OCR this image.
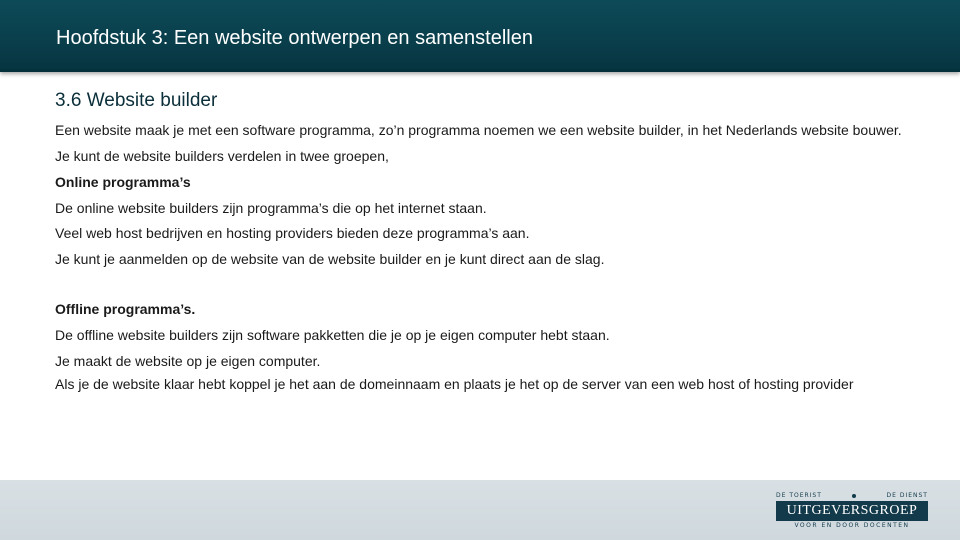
Hoofdstuk 3: Een website ontwerpen en samenstellen
3.6 Website builder
Een website maak je met een software programma, zo’n programma noemen we een website builder, in het Nederlands website bouwer.
Je kunt de website builders verdelen in twee groepen,
Online programma’s
De online website builders zijn programma’s die op het internet staan.
Veel web host bedrijven en hosting providers bieden deze programma’s aan.
Je kunt je aanmelden op de website van de website builder en je kunt direct aan de slag.
Offline programma’s.
De offline website builders zijn software pakketten die je op je eigen computer hebt staan.
Je maakt de website op je eigen computer.
Als je de website klaar hebt koppel je het aan de domeinnaam en plaats je het op de server van een web host of hosting provider
DE TOERIST	DE DIENST
UITGEVERSGROEP
VOOR EN DOOR DOCENTEN
